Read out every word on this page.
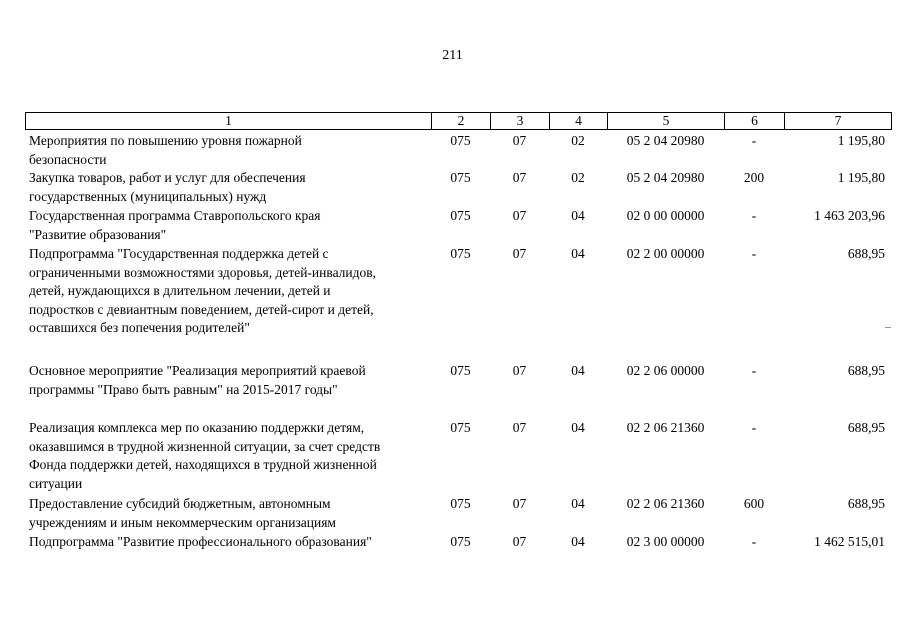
211
1	2	3	4	5	6	7
Мероприятия по повышению уровня пожарной
безопасности
075	07	02	05 2 04 20980	-	1 195,80
Закупка товаров, работ и услуг для обеспечения
государственных (муниципальных) нужд
075	07	02	05 2 04 20980	200	1 195,80
Государственная программа Ставропольского края
"Развитие образования"
075	07	04	02 0 00 00000	-	1 463 203,96
Подпрограмма "Государственная поддержка детей с
ограниченными возможностями здоровья, детей-инвалидов,
детей, нуждающихся в длительном лечении, детей и
подростков с девиантным поведением, детей-сирот и детей,
оставшихся без попечения родителей"
075	07	04	02 2 00 00000	-	688,95
Основное мероприятие "Реализация мероприятий краевой
программы "Право быть равным" на 2015-2017 годы"
075	07	04	02 2 06 00000	-	688,95
Реализация комплекса мер по оказанию поддержки детям,
оказавшимся в трудной жизненной ситуации, за счет средств
Фонда поддержки детей, находящихся в трудной жизненной
ситуации
075	07	04	02 2 06 21360	-	688,95
Предоставление субсидий бюджетным, автономным
учреждениям и иным некоммерческим организациям
075	07	04	02 2 06 21360	600	688,95
Подпрограмма "Развитие профессионального образования"	075	07	04	02 3 00 00000	-	1 462 515,01
